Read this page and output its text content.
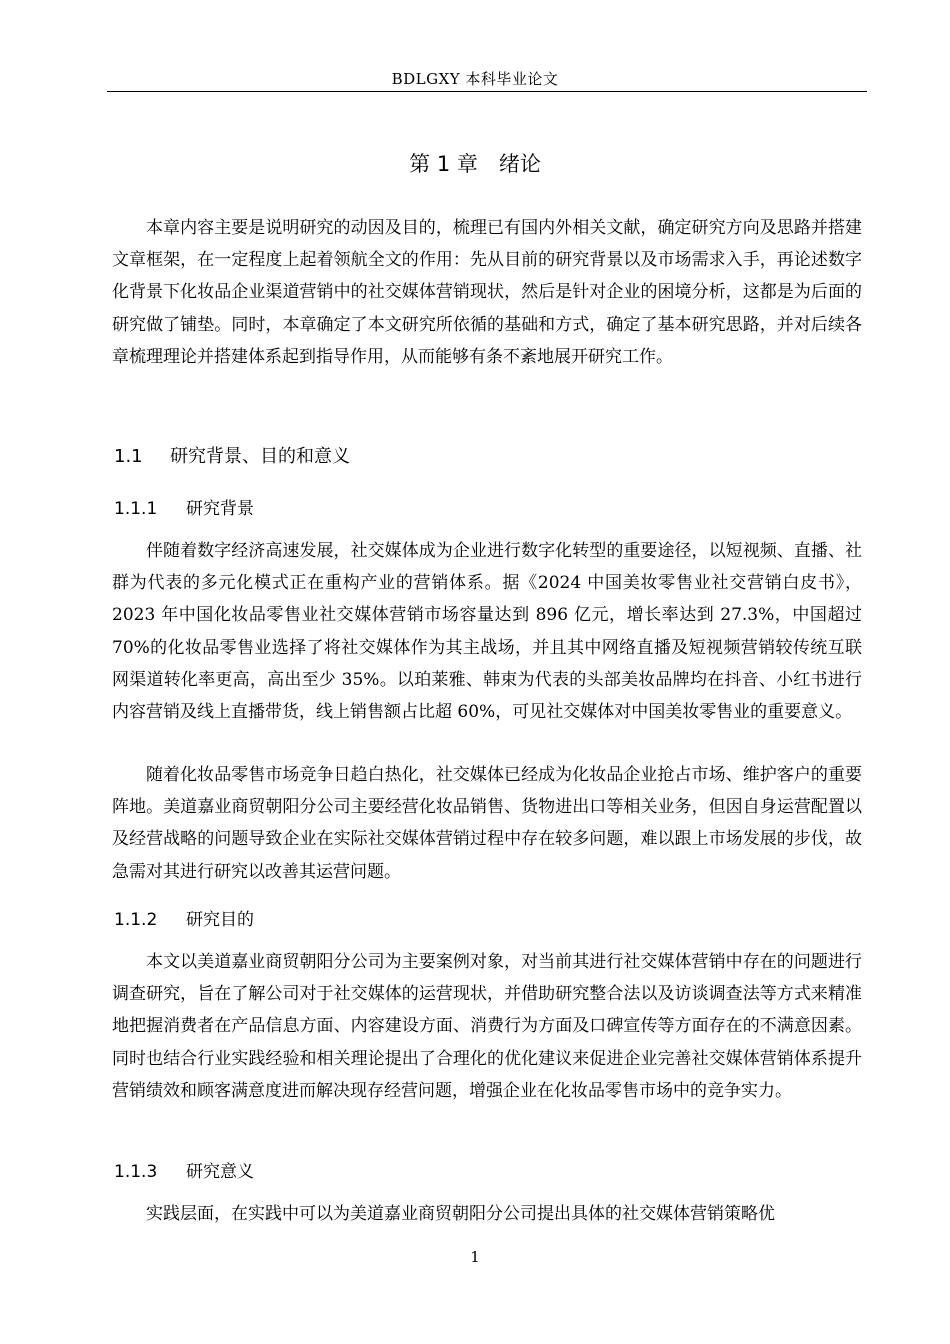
BDLGXY 本科毕业论文
第 1 章　绪论

本章内容主要是说明研究的动因及目的，梳理已有国内外相关文献，确定研究方向及思路并搭建文章框架，在一定程度上起着领航全文的作用：先从目前的研究背景以及市场需求入手，再论述数字化背景下化妆品企业渠道营销中的社交媒体营销现状，然后是针对企业的困境分析，这都是为后面的研究做了铺垫。同时，本章确定了本文研究所依循的基础和方式，确定了基本研究思路，并对后续各章梳理理论并搭建体系起到指导作用，从而能够有条不紊地展开研究工作。

1.1 研究背景、目的和意义
1.1.1 研究背景

伴随着数字经济高速发展，社交媒体成为企业进行数字化转型的重要途径，以短视频、直播、社群为代表的多元化模式正在重构产业的营销体系。据《2024 中国美妆零售业社交营销白皮书》，2023 年中国化妆品零售业社交媒体营销市场容量达到 896 亿元，增长率达到 27.3%，中国超过 70%的化妆品零售业选择了将社交媒体作为其主战场，并且其中网络直播及短视频营销较传统互联网渠道转化率更高，高出至少 35%。以珀莱雅、韩束为代表的头部美妆品牌均在抖音、小红书进行内容营销及线上直播带货，线上销售额占比超 60%，可见社交媒体对中国美妆零售业的重要意义。

随着化妆品零售市场竞争日趋白热化，社交媒体已经成为化妆品企业抢占市场、维护客户的重要阵地。美道嘉业商贸朝阳分公司主要经营化妆品销售、货物进出口等相关业务，但因自身运营配置以及经营战略的问题导致企业在实际社交媒体营销过程中存在较多问题，难以跟上市场发展的步伐，故急需对其进行研究以改善其运营问题。

1.1.2 研究目的

本文以美道嘉业商贸朝阳分公司为主要案例对象，对当前其进行社交媒体营销中存在的问题进行调查研究，旨在了解公司对于社交媒体的运营现状，并借助研究整合法以及访谈调查法等方式来精准地把握消费者在产品信息方面、内容建设方面、消费行为方面及口碑宣传等方面存在的不满意因素。同时也结合行业实践经验和相关理论提出了合理化的优化建议来促进企业完善社交媒体营销体系提升营销绩效和顾客满意度进而解决现存经营问题，增强企业在化妆品零售市场中的竞争实力。

1.1.3 研究意义

实践层面，在实践中可以为美道嘉业商贸朝阳分公司提出具体的社交媒体营销策略优

1
